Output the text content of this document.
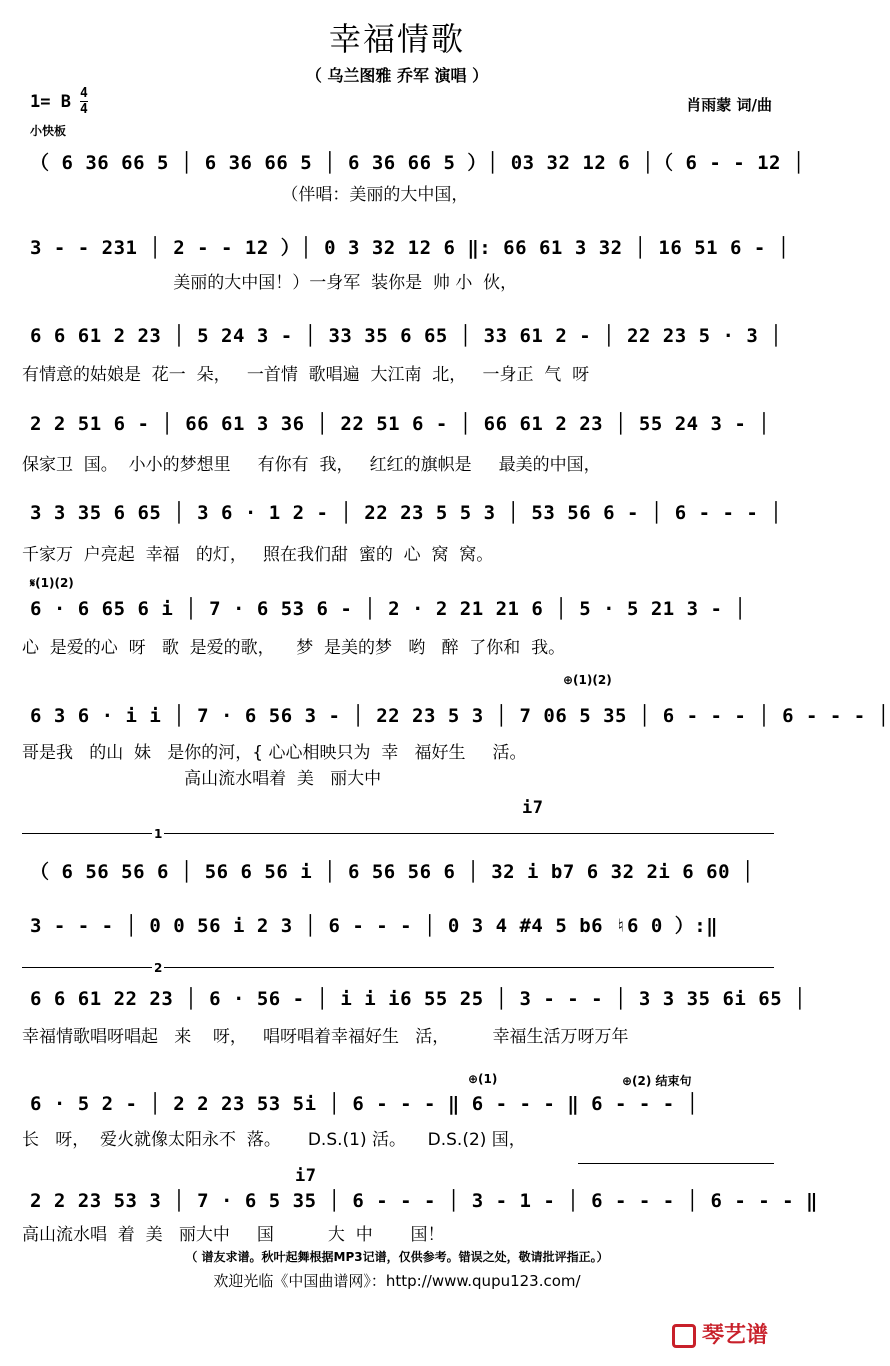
幸福情歌
（ 乌兰图雅 乔军 演唱 ）
1= B $\frac{4}{4}$	肖雨蒙 词/曲
小快板
（ 6 36 66 5 │ 6 36 66 5 │ 6 36 66 5 ）│ 03 32 12 6 │（ 6 - - 12 │
（伴唱：美丽的大中国，
3 - - 231 │ 2 - - 12 ）│ 0 3 32 12 6 ‖: 66 61 3 32 │ 16 51 6 - │
美丽的大中国！）一身军  装你是  帅 小  伙，
6 6 61 2 23 │ 5 24 3 - │ 33 35 6 65 │ 33 61 2 - │ 22 23 5 · 3 │
有情意的姑娘是  花一  朵，   一首情  歌唱遍  大江南  北，   一身正  气  呀
2 2 51 6 - │ 66 61 3 36 │ 22 51 6 - │ 66 61 2 23 │ 55 24 3 - │
保家卫  国。  小小的梦想里     有你有  我，   红红的旗帜是     最美的中国，
3 3 35 6 65 │ 3 6 · 1 2 - │ 22 23 5 5 3 │ 53 56 6 - │ 6 - - - │
千家万  户亮起  幸福   的灯，   照在我们甜  蜜的  心  窝  窝。
𝄋(1)(2)
6 · 6 65 6 i │ 7 · 6 53 6 - │ 2 · 2 21 21 6 │ 5 · 5 21 3 - │
心  是爱的心  呀   歌  是爱的歌，    梦  是美的梦   哟   醉  了你和  我。
⊕(1)(2)
6 3 6 · i i │ 7 · 6 56 3 - │ 22 23 5 3 │ 7 06 5 35 │ 6 - - - │ 6 - - - │
哥是我   的山  妹   是你的河，{ 心心相映只为  幸   福好生     活。
高山流水唱着  美   丽大中
i7
1
（ 6 56 56 6 │ 56 6 56 i │ 6 56 56 6 │ 32 i b7 6 32 2i 6 60 │
3 - - - │ 0 0 56 i 2 3 │ 6 - - - │ 0 3 4 #4 5 b6 ♮6 0 ）:‖
2
6 6 61 22 23 │ 6 · 56 - │ i i i6 55 25 │ 3 - - - │ 3 3 35 6i 65 │
幸福情歌唱呀唱起   来    呀，   唱呀唱着幸福好生   活，        幸福生活万呀万年
⊕(1)	⊕(2) 结束句
6 · 5 2 - │ 2 2 23 53 5i │ 6 - - - ‖ 6 - - - ‖ 6 - - - │
长   呀，  爱火就像太阳永不  落。     D.S.(1) 活。    D.S.(2) 国，
i7
2 2 23 53 3 │ 7 · 6 5 35 │ 6 - - - │ 3 - 1 - │ 6 - - - │ 6 - - - ‖
高山流水唱  着  美   丽大中     国          大  中       国！
（ 谱友求谱。秋叶起舞根据MP3记谱，仅供参考。错误之处，敬请批评指正。）
欢迎光临《中国曲谱网》：http://www.qupu123.com/
琴艺谱
